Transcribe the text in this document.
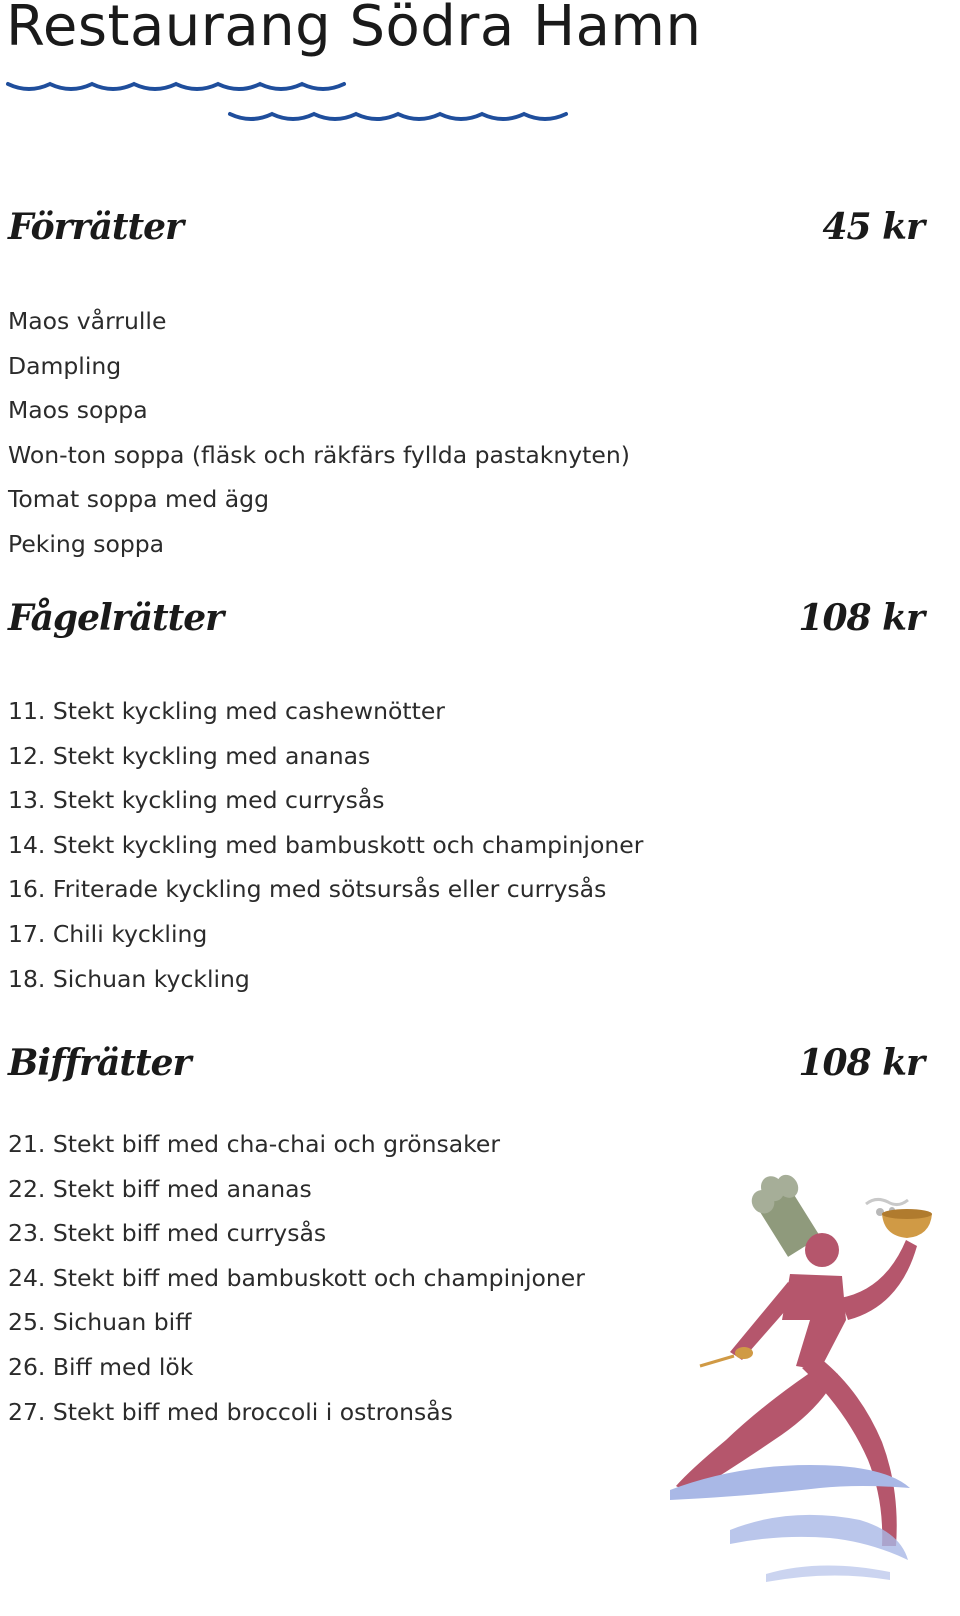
Restaurang Södra Hamn
Förrätter	45 kr
Maos vårrulle
Dampling
Maos soppa
Won-ton soppa (fläsk och räkfärs fyllda pastaknyten)
Tomat soppa med ägg
Peking soppa
Fågelrätter	108 kr
11. Stekt kyckling med cashewnötter
12. Stekt kyckling med ananas
13. Stekt kyckling med currysås
14. Stekt kyckling med bambuskott och champinjoner
16. Friterade kyckling med sötsursås eller currysås
17. Chili kyckling
18. Sichuan kyckling
Biffrätter	108 kr
21. Stekt biff med cha-chai och grönsaker
22. Stekt biff med ananas
23. Stekt biff med currysås
24. Stekt biff med bambuskott och champinjoner
25. Sichuan biff
26. Biff med lök
27. Stekt biff med broccoli i ostronsås
